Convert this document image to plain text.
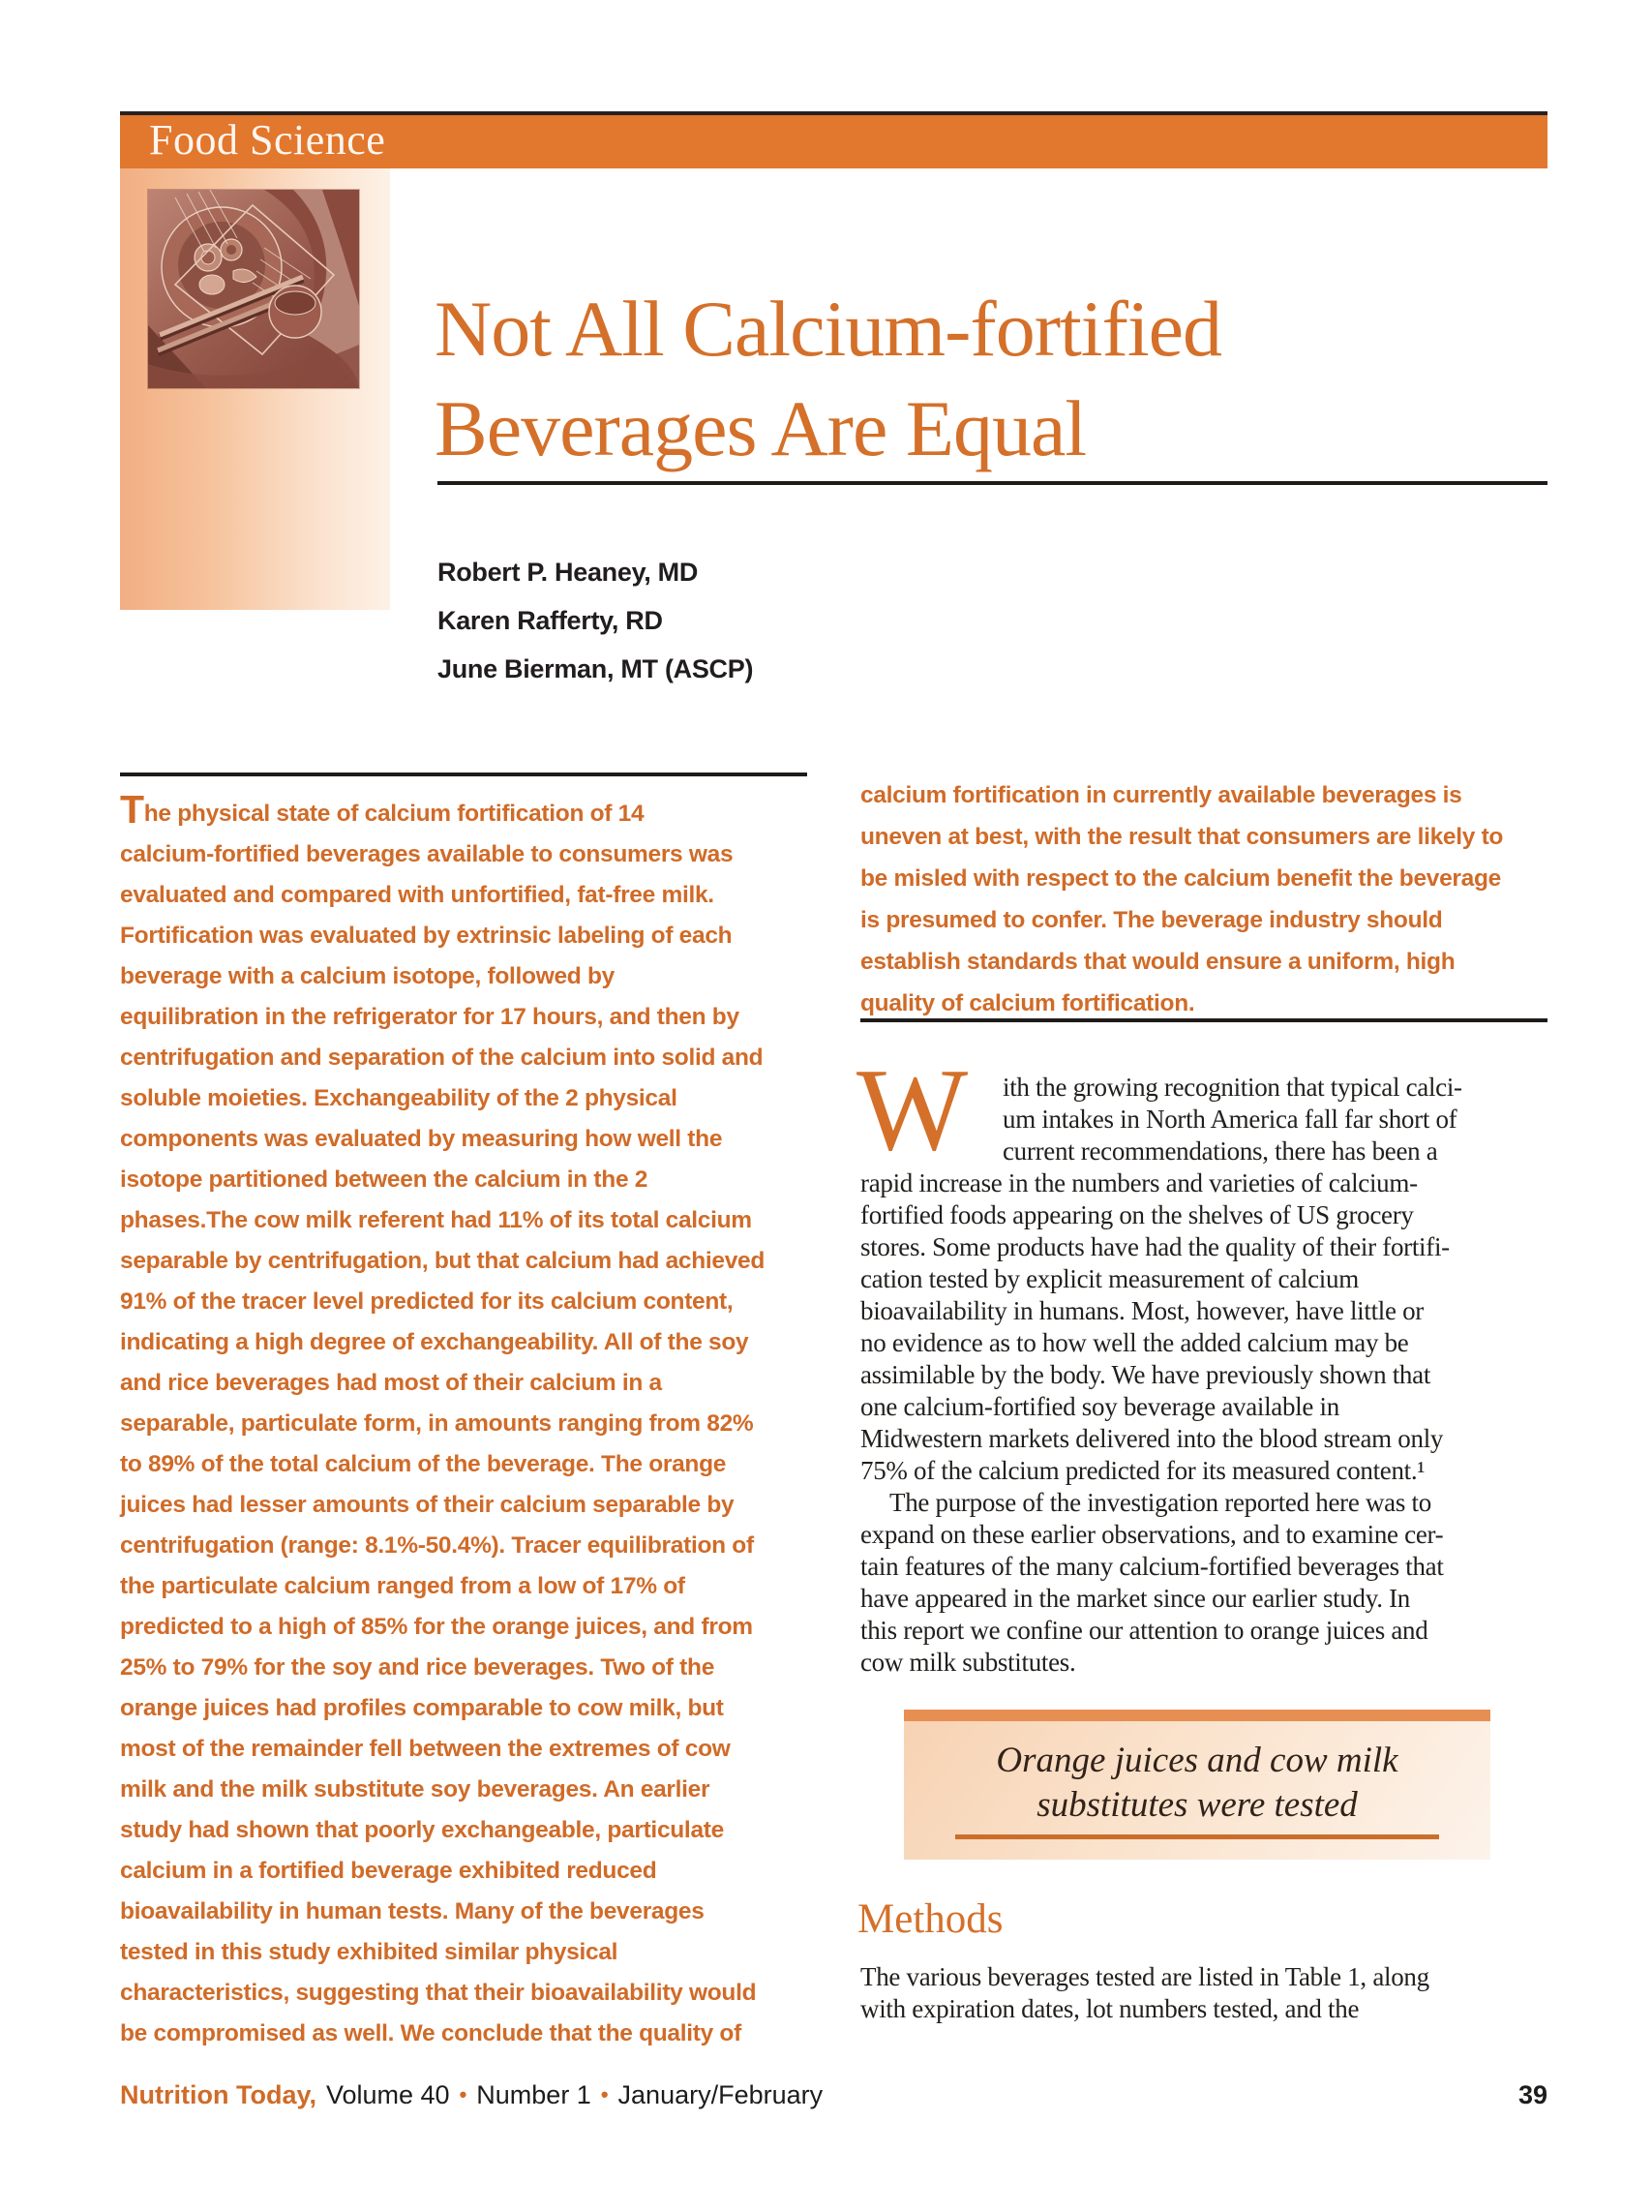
Food Science
Not All Calcium-fortified
Beverages Are Equal
Robert P. Heaney, MD
Karen Rafferty, RD
June Bierman, MT (ASCP)
The physical state of calcium fortification of 14
calcium-fortified beverages available to consumers was
evaluated and compared with unfortified, fat-free milk.
Fortification was evaluated by extrinsic labeling of each
beverage with a calcium isotope, followed by
equilibration in the refrigerator for 17 hours, and then by
centrifugation and separation of the calcium into solid and
soluble moieties. Exchangeability of the 2 physical
components was evaluated by measuring how well the
isotope partitioned between the calcium in the 2
phases.The cow milk referent had 11% of its total calcium
separable by centrifugation, but that calcium had achieved
91% of the tracer level predicted for its calcium content,
indicating a high degree of exchangeability. All of the soy
and rice beverages had most of their calcium in a
separable, particulate form, in amounts ranging from 82%
to 89% of the total calcium of the beverage. The orange
juices had lesser amounts of their calcium separable by
centrifugation (range: 8.1%-50.4%). Tracer equilibration of
the particulate calcium ranged from a low of 17% of
predicted to a high of 85% for the orange juices, and from
25% to 79% for the soy and rice beverages. Two of the
orange juices had profiles comparable to cow milk, but
most of the remainder fell between the extremes of cow
milk and the milk substitute soy beverages. An earlier
study had shown that poorly exchangeable, particulate
calcium in a fortified beverage exhibited reduced
bioavailability in human tests. Many of the beverages
tested in this study exhibited similar physical
characteristics, suggesting that their bioavailability would
be compromised as well. We conclude that the quality of
calcium fortification in currently available beverages is
uneven at best, with the result that consumers are likely to
be misled with respect to the calcium benefit the beverage
is presumed to confer. The beverage industry should
establish standards that would ensure a uniform, high
quality of calcium fortification.
W	ith the growing recognition that typical calci-
um intakes in North America fall far short of
current recommendations, there has been a
rapid increase in the numbers and varieties of calcium-
fortified foods appearing on the shelves of US grocery
stores. Some products have had the quality of their fortifi-
cation tested by explicit measurement of calcium
bioavailability in humans. Most, however, have little or
no evidence as to how well the added calcium may be
assimilable by the body. We have previously shown that
one calcium-fortified soy beverage available in
Midwestern markets delivered into the blood stream only
75% of the calcium predicted for its measured content.¹
The purpose of the investigation reported here was to
expand on these earlier observations, and to examine cer-
tain features of the many calcium-fortified beverages that
have appeared in the market since our earlier study. In
this report we confine our attention to orange juices and
cow milk substitutes.
Orange juices and cow milk
substitutes were tested
Methods
The various beverages tested are listed in Table 1, along
with expiration dates, lot numbers tested, and the
Nutrition Today, Volume 40 • Number 1 • January/February	39
